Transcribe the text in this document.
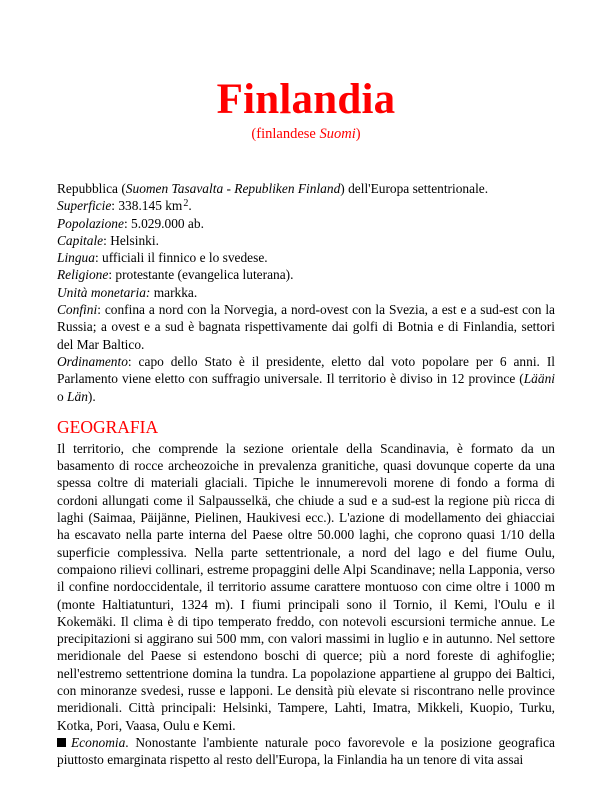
Finlandia
(finlandese Suomi)

Repubblica (Suomen Tasavalta - Republiken Finland) dell'Europa settentrionale.

Superficie: 338.145 $km^2$.

Popolazione: 5.029.000 ab.

Capitale: Helsinki.

Lingua: ufficiali il finnico e lo svedese.

Religione: protestante (evangelica luterana).

Unità monetaria: markka.

Confini: confina a nord con la Norvegia, a nord-ovest con la Svezia, a est e a sud-est con la Russia; a ovest e a sud è bagnata rispettivamente dai golfi di Botnia e di Finlandia, settori del Mar Baltico.

Ordinamento: capo dello Stato è il presidente, eletto dal voto popolare per 6 anni. Il Parlamento viene eletto con suffragio universale. Il territorio è diviso in 12 province (Lääni o Län).

GEOGRAFIA

Il territorio, che comprende la sezione orientale della Scandinavia, è formato da un basamento di rocce archeozoiche in prevalenza granitiche, quasi dovunque coperte da una spessa coltre di materiali glaciali. Tipiche le innumerevoli morene di fondo a forma di cordoni allungati come il Salpausselkä, che chiude a sud e a sud-est la regione più ricca di laghi (Saimaa, Päijänne, Pielinen, Haukivesi ecc.). L'azione di modellamento dei ghiacciai ha escavato nella parte interna del Paese oltre 50.000 laghi, che coprono quasi 1/10 della superficie complessiva. Nella parte settentrionale, a nord del lago e del fiume Oulu, compaiono rilievi collinari, estreme propaggini delle Alpi Scandinave; nella Lapponia, verso il confine nordoccidentale, il territorio assume carattere montuoso con cime oltre i 1000 m (monte Haltiatunturi, 1324 m). I fiumi principali sono il Tornio, il Kemi, l'Oulu e il Kokemäki. Il clima è di tipo temperato freddo, con notevoli escursioni termiche annue. Le precipitazioni si aggirano sui 500 mm, con valori massimi in luglio e in autunno. Nel settore meridionale del Paese si estendono boschi di querce; più a nord foreste di aghifoglie; nell'estremo settentrione domina la tundra. La popolazione appartiene al gruppo dei Baltici, con minoranze svedesi, russe e lapponi. Le densità più elevate si riscontrano nelle province meridionali. Città principali: Helsinki, Tampere, Lahti, Imatra, Mikkeli, Kuopio, Turku, Kotka, Pori, Vaasa, Oulu e Kemi.

Economia. Nonostante l'ambiente naturale poco favorevole e la posizione geografica piuttosto emarginata rispetto al resto dell'Europa, la Finlandia ha un tenore di vita assai
